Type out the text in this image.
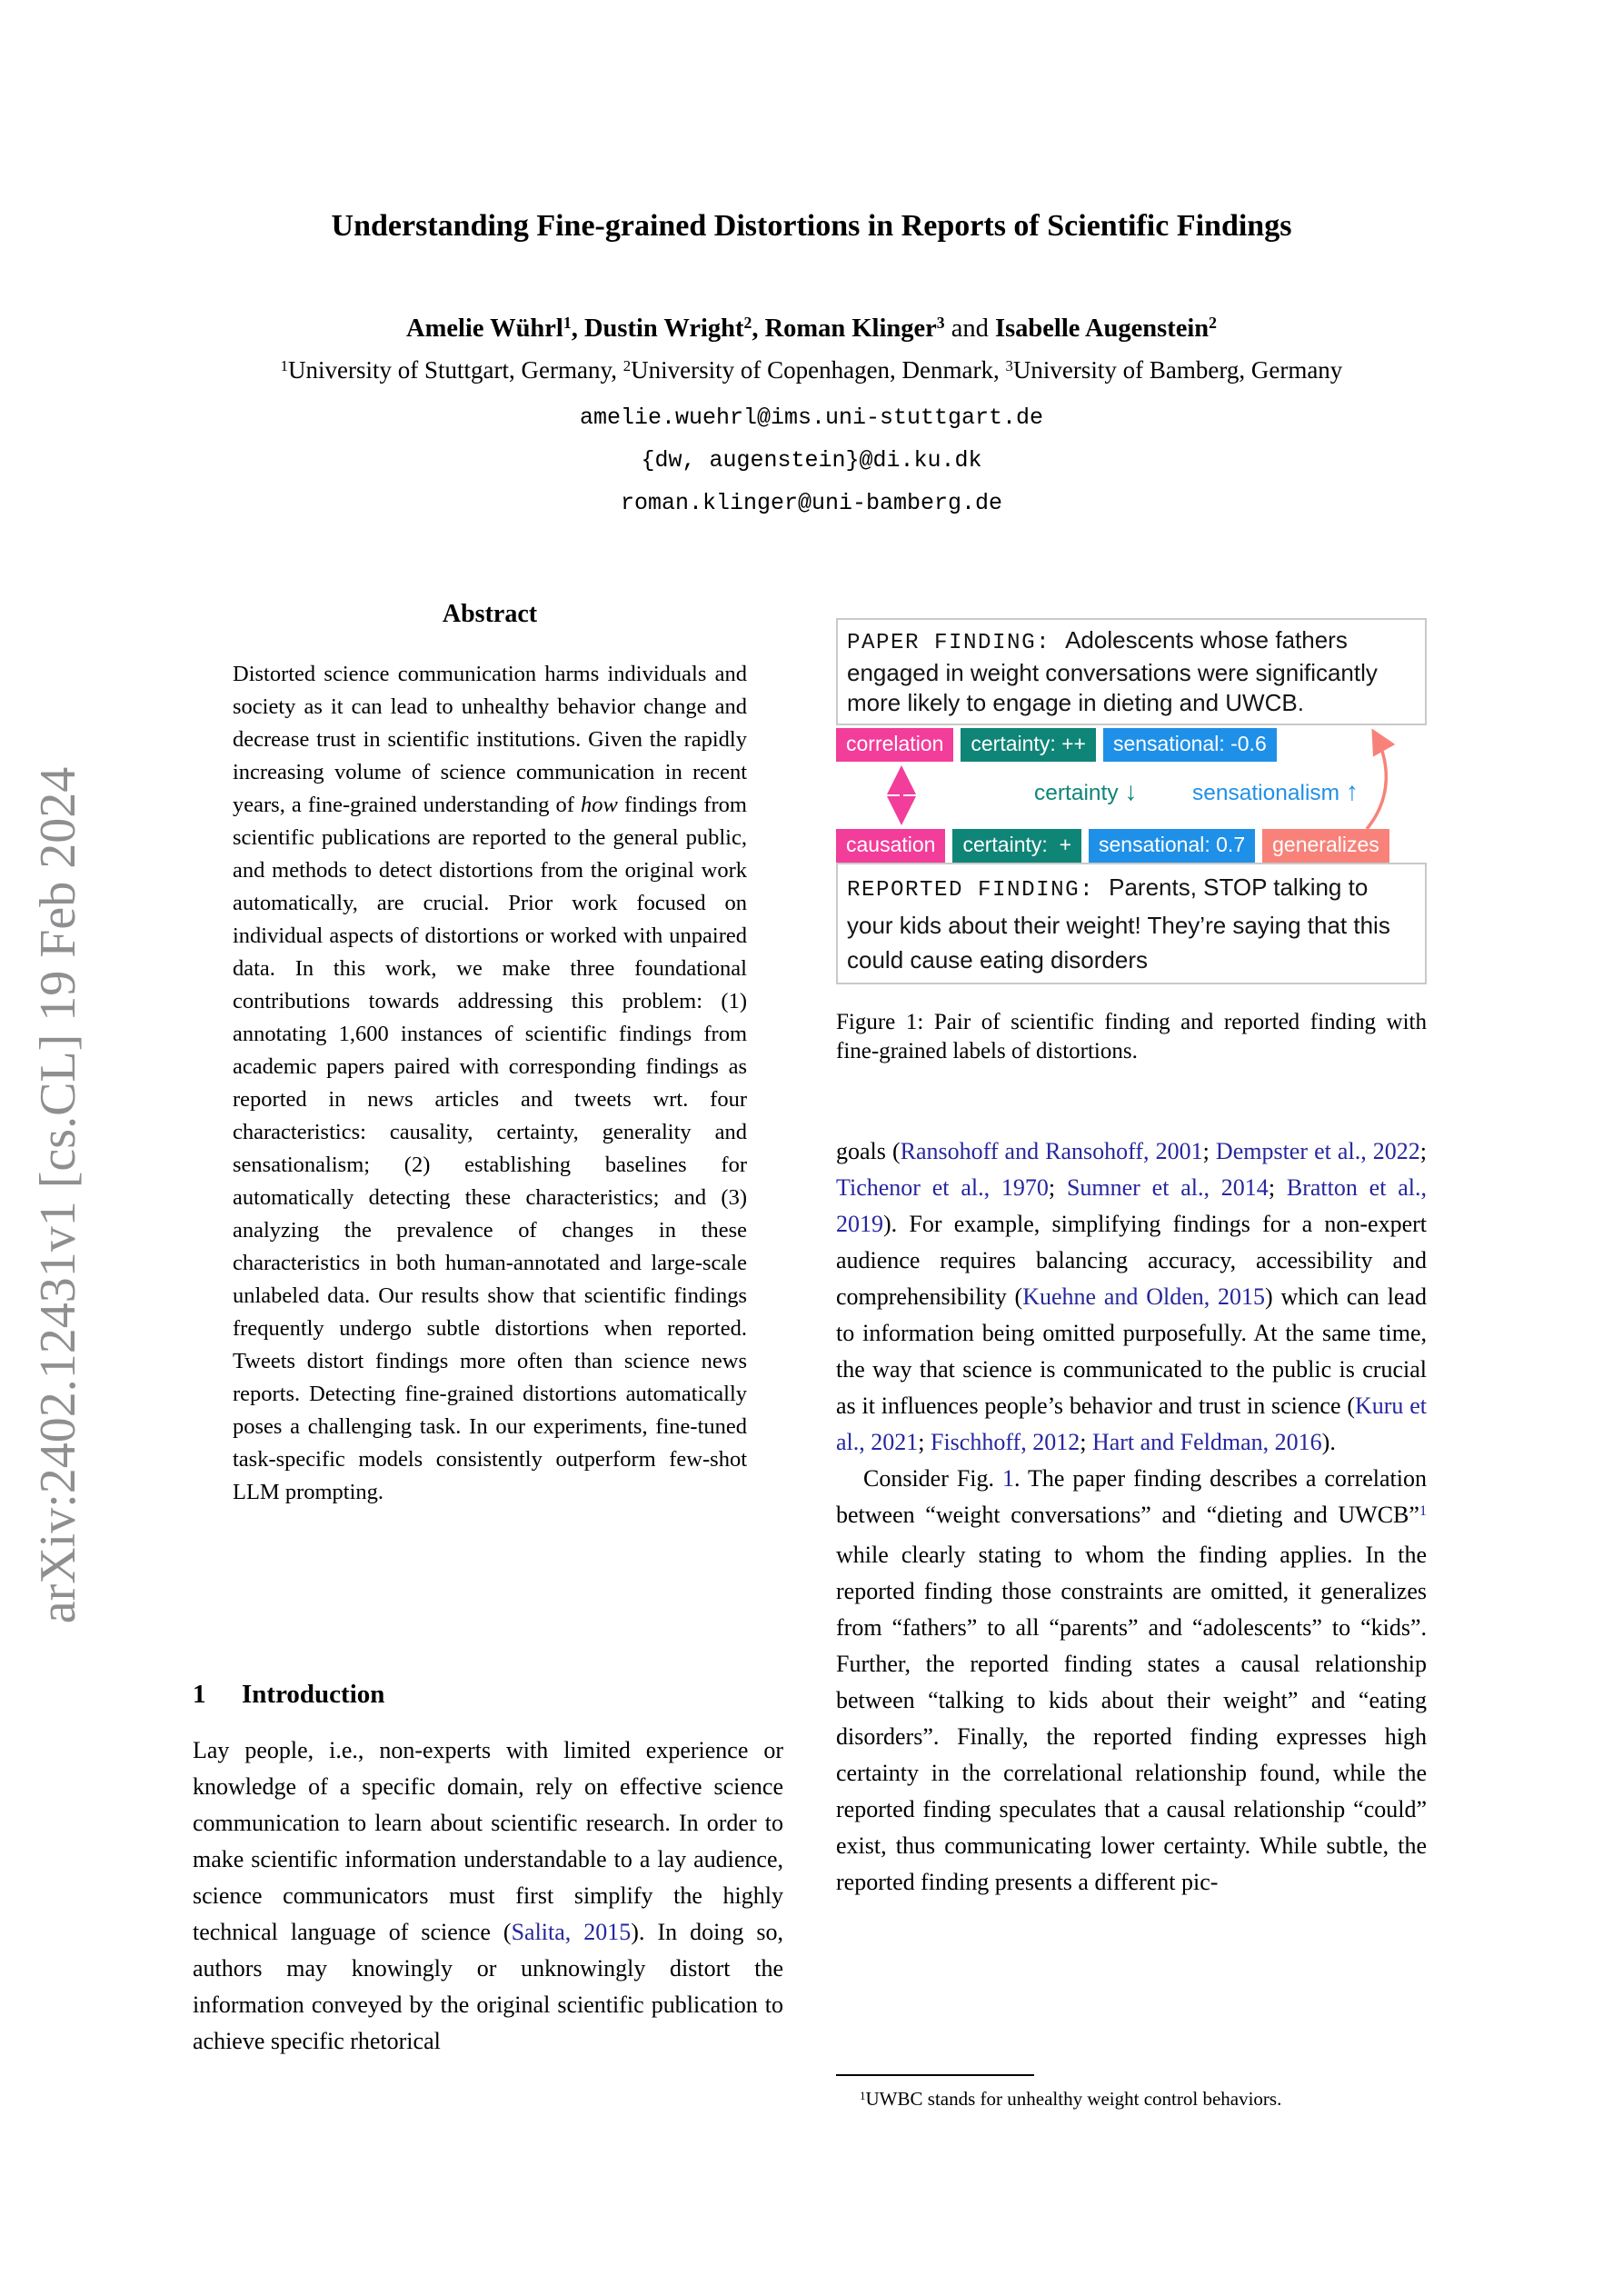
arXiv:2402.12431v1 [cs.CL] 19 Feb 2024
Understanding Fine-grained Distortions in Reports of Scientific Findings
Amelie Wührl$^1$, Dustin Wright$^2$, Roman Klinger$^3$ and Isabelle Augenstein$^2$
$^1$University of Stuttgart, Germany, $^2$University of Copenhagen, Denmark, $^3$University of Bamberg, Germany
amelie.wuehrl@ims.uni-stuttgart.de
{dw, augenstein}@di.ku.dk
roman.klinger@uni-bamberg.de
Abstract
Distorted science communication harms individuals and society as it can lead to unhealthy behavior change and decrease trust in scientific institutions. Given the rapidly increasing volume of science communication in recent years, a fine-grained understanding of how findings from scientific publications are reported to the general public, and methods to detect distortions from the original work automatically, are crucial. Prior work focused on individual aspects of distortions or worked with unpaired data. In this work, we make three foundational contributions towards addressing this problem: (1) annotating 1,600 instances of scientific findings from academic papers paired with corresponding findings as reported in news articles and tweets wrt. four characteristics: causality, certainty, generality and sensationalism; (2) establishing baselines for automatically detecting these characteristics; and (3) analyzing the prevalence of changes in these characteristics in both human-annotated and large-scale unlabeled data. Our results show that scientific findings frequently undergo subtle distortions when reported. Tweets distort findings more often than science news reports. Detecting fine-grained distortions automatically poses a challenging task. In our experiments, fine-tuned task-specific models consistently outperform few-shot LLM prompting.
1 Introduction
Lay people, i.e., non-experts with limited experience or knowledge of a specific domain, rely on effective science communication to learn about scientific research. In order to make scientific information understandable to a lay audience, science communicators must first simplify the highly technical language of science (Salita, 2015). In doing so, authors may knowingly or unknowingly distort the information conveyed by the original scientific publication to achieve specific rhetorical
PAPER FINDING: Adolescents whose fathers engaged in weight conversations were significantly more likely to engage in dieting and UWCB.
correlation	certainty: ++	sensational: -0.6
certainty ↓ sensationalism ↑
causation	certainty:  +	sensational: 0.7	generalizes
REPORTED FINDING: Parents, STOP talking to your kids about their weight! They’re saying that this could cause eating disorders
Figure 1: Pair of scientific finding and reported finding with fine-grained labels of distortions.
goals (Ransohoff and Ransohoff, 2001; Dempster et al., 2022; Tichenor et al., 1970; Sumner et al., 2014; Bratton et al., 2019). For example, simplifying findings for a non-expert audience requires balancing accuracy, accessibility and comprehensibility (Kuehne and Olden, 2015) which can lead to information being omitted purposefully. At the same time, the way that science is communicated to the public is crucial as it influences people’s behavior and trust in science (Kuru et al., 2021; Fischhoff, 2012; Hart and Feldman, 2016).
Consider Fig. 1. The paper finding describes a correlation between “weight conversations” and “dieting and UWCB”$^1$ while clearly stating to whom the finding applies. In the reported finding those constraints are omitted, it generalizes from “fathers” to all “parents” and “adolescents” to “kids”. Further, the reported finding states a causal relationship between “talking to kids about their weight” and “eating disorders”. Finally, the reported finding expresses high certainty in the correlational relationship found, while the reported finding speculates that a causal relationship “could” exist, thus communicating lower certainty. While subtle, the reported finding presents a different pic-
$^1$UWBC stands for unhealthy weight control behaviors.
